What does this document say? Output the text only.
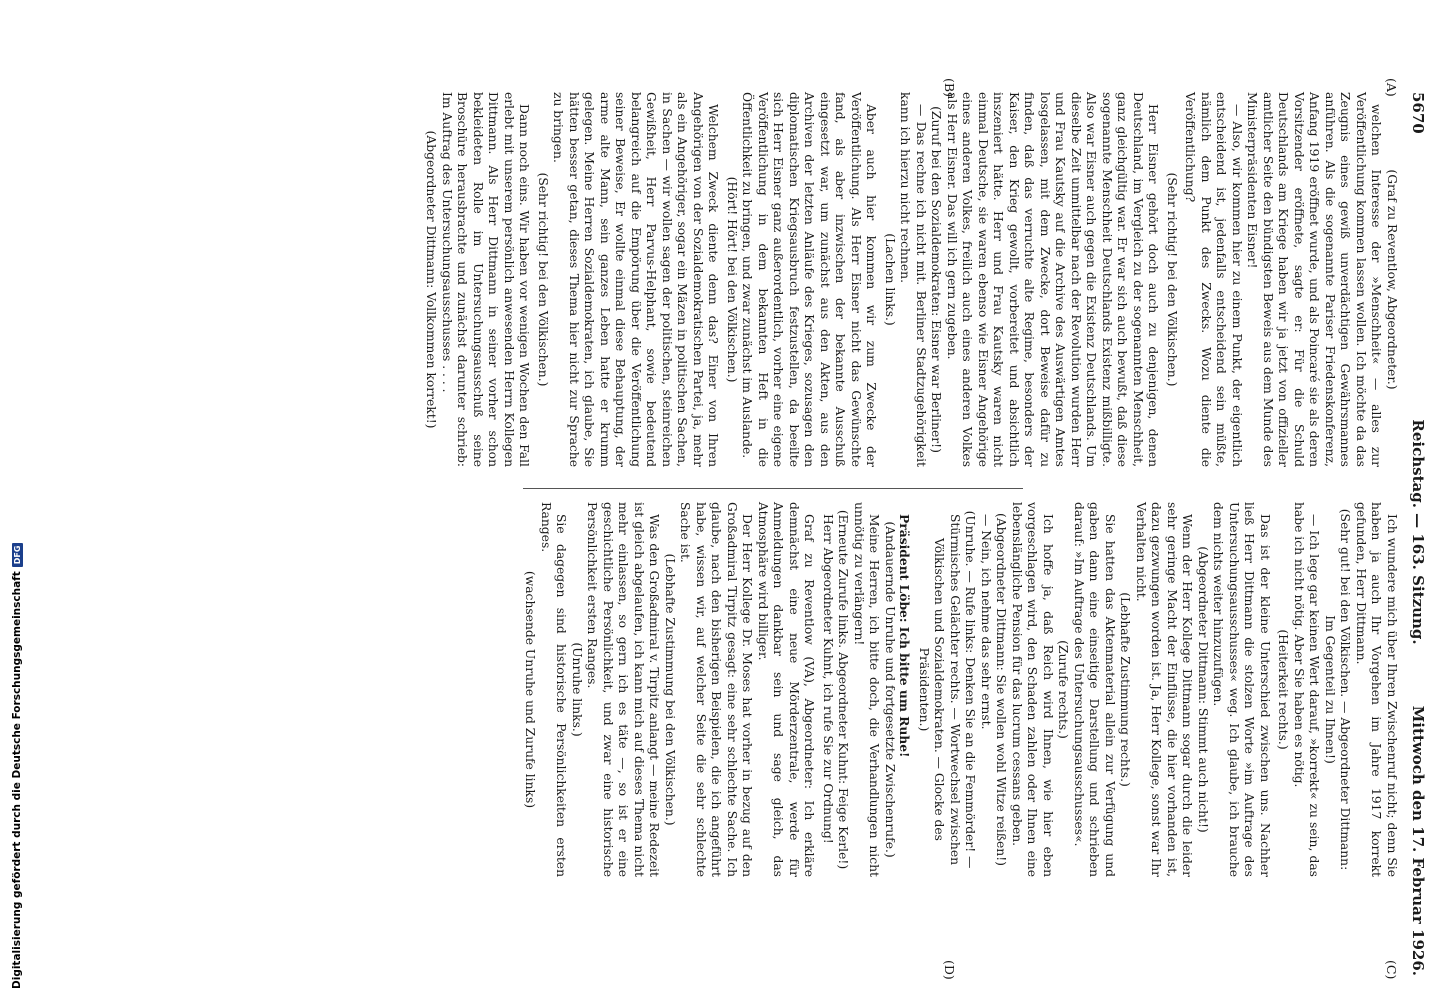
Digitalisierung gefördert durch die Deutsche Forschungsgemeinschaft
DFG
5670
Reichstag. — 163. Sitzung.
Mittwoch den 17. Februar 1926.
(A)
(B)
(C)
(D)

(Graf zu Reventlow, Abgeordneter.)

welchen Interesse der »Menschheit« — alles zur Veröffentlichung kommen lassen wollen. Ich möchte da das Zeugnis eines gewiß unverdächtigen Gewährsmannes anführen. Als die sogenannte Pariser Friedenskonferenz, Anfang 1919 eröffnet wurde, und als Poincaré sie als deren Vorsitzender eröffnete, sagte er: Für die Schuld Deutschlands am Kriege haben wir ja jetzt von offizieller amtlicher Seite den bündigsten Beweis aus dem Munde des Ministerpräsidenten Eisner!

— Also, wir kommen hier zu einem Punkt, der eigentlich entscheidend ist, jedenfalls entscheidend sein müßte, nämlich dem Punkt des Zwecks. Wozu diente die Veröffentlichung?

(Sehr richtig! bei den Völkischen.)

Herr Eisner gehört doch auch zu denjenigen, denen Deutschland, im Vergleich zu der sogenannten Menschheit, ganz gleichgültig war. Er war sich auch bewußt, daß diese sogenannte Menschheit Deutschlands Existenz mißbilligte. Also war Eisner auch gegen die Existenz Deutschlands. Um dieselbe Zeit unmittelbar nach der Revolution wurden Herr und Frau Kautsky auf die Archive des Auswärtigen Amtes losgelassen, mit dem Zwecke, dort Beweise dafür zu finden, daß das verruchte alte Regime, besonders der Kaiser, den Krieg gewollt, vorbereitet und absichtlich inszeniert hätte. Herr und Frau Kautsky waren nicht einmal Deutsche, sie waren ebenso wie Eisner Angehörige eines anderen Volkes, freilich auch eines anderen Volkes als Herr Eisner. Das will ich gern zugeben.

(Zuruf bei den Sozialdemokraten: Eisner war Berliner!)

— Das rechne ich nicht mit. Berliner Stadtzugehörigkeit kann ich hierzu nicht rechnen.

(Lachen links.)

Aber auch hier kommen wir zum Zwecke der Veröffentlichung. Als Herr Eisner nicht das Gewünschte fand, als aber inzwischen der bekannte Ausschuß eingesetzt war, um zunächst aus den Akten, aus den Archiven der letzten Anläufe des Krieges, sozusagen den diplomatischen Kriegsausbruch festzustellen, da beeilte sich Herr Eisner ganz außerordentlich, vorher eine eigene Veröffentlichung in dem bekannten Heft in die Öffentlichkeit zu bringen, und zwar zunächst im Auslande.

(Hört! Hört! bei den Völkischen.)

Welchem Zweck diente denn das? Einer von Ihren Angehörigen von der Sozialdemokratischen Partei, ja, mehr als ein Angehöriger, sogar ein Mäzen in politischen Sachen, in Sachen — wir wollen sagen der politischen, steinreichen Gewißheit, Herr Parvus-Helphant, sowie bedeutend belangreich auf die Empörung über die Veröffentlichung seiner Beweise, Er wollte einmal diese Behauptung, der arme alte Mann, sein ganzes Leben hatte er krumm gelegen. Meine Herren Sozialdemokraten, ich glaube, Sie hätten besser getan, dieses Thema hier nicht zur Sprache zu bringen.

(Sehr richtig! bei den Völkischen.)

Dann noch eins. Wir haben vor wenigen Wochen den Fall erlebt mit unserem persönlich anwesenden Herrn Kollegen Dittmann. Als Herr Dittmann in seiner vorher schon bekleideten Rolle im Untersuchungsausschuß seine Broschüre herausbrachte und zunächst darunter schrieb: Im Auftrag des Untersuchungsausschusses . . . .

(Abgeordneter Dittmann: Vollkommen korrekt!)

Ich wundere mich über Ihren Zwischenruf nicht; denn Sie haben ja auch Ihr Vorgehen im Jahre 1917 korrekt gefunden, Herr Dittmann.

(Sehr gut! bei den Völkischen. — Abgeordneter Dittmann: Im Gegenteil zu Ihnen!)

— Ich lege gar keinen Wert darauf, »korrekt« zu sein, das habe ich nicht nötig. Aber Sie haben es nötig.

(Heiterkeit rechts.)

Das ist der kleine Unterschied zwischen uns. Nachher ließ Herr Dittmann die stolzen Worte »im Auftrage des Untersuchungsausschusses« weg. Ich glaube, ich brauche dem nichts weiter hinzuzufügen.

(Abgeordneter Dittmann: Stimmt auch nicht!)

Wenn der Herr Kollege Dittmann sogar durch die leider sehr geringe Macht der Einflüsse, die hier vorhanden ist, dazu gezwungen worden ist. Ja, Herr Kollege, sonst war Ihr Verhalten nicht.

(Lebhafte Zustimmung rechts.)

Sie hatten das Aktenmaterial allein zur Verfügung und gaben dann eine einseitige Darstellung und schrieben darauf: »Im Auftrage des Untersuchungsausschusses«.

(Zurufe rechts.)

Ich hoffe ja, daß Reich wird Ihnen, wie hier eben vorgeschlagen wird, den Schaden zahlen oder Ihnen eine lebenslängliche Pension für das lucrum cessans geben.

(Abgeordneter Dittmann: Sie wollen wohl Witze reißen!)

— Nein, ich nehme das sehr ernst.

(Unruhe. — Rufe links: Denken Sie an die Femmörder! — Stürmisches Gelächter rechts. — Wortwechsel zwischen Völkischen und Sozialdemokraten. — Glocke des Präsidenten.)

Präsident Löbe: Ich bitte um Ruhe!

(Andauernde Unruhe und fortgesetzte Zwischenrufe.)

Meine Herren, ich bitte doch, die Verhandlungen nicht unnötig zu verlängern!

(Erneute Zurufe links. Abgeordneter Kuhnt: Feige Kerle!)

Herr Abgeordneter Kuhnt, ich rufe Sie zur Ordnung!

Graf zu Reventlow (VA), Abgeordneter: Ich erkläre demnächst eine neue Mörderzentrale, werde für Anmeldungen dankbar sein und sage gleich, das Atmosphäre wird billiger.

Der Herr Kollege Dr. Moses hat vorher in bezug auf den Großadmiral Tirpitz gesagt: eine sehr schlechte Sache. Ich glaube, nach den bisherigen Beispielen, die ich angeführt habe, wissen wir, auf welcher Seite die sehr schlechte Sache ist.

(Lebhafte Zustimmung bei den Völkischen.)

Was den Großadmiral v. Tirpitz anlangt — meine Redezeit ist gleich abgelaufen, ich kann mich auf dieses Thema nicht mehr einlassen, so gern ich es täte —, so ist er eine geschichtliche Persönlichkeit, und zwar eine historische Persönlichkeit ersten Ranges.

(Unruhe links.)

Sie dagegen sind historische Persönlichkeiten ersten Ranges.

(wachsende Unruhe und Zurufe links)
